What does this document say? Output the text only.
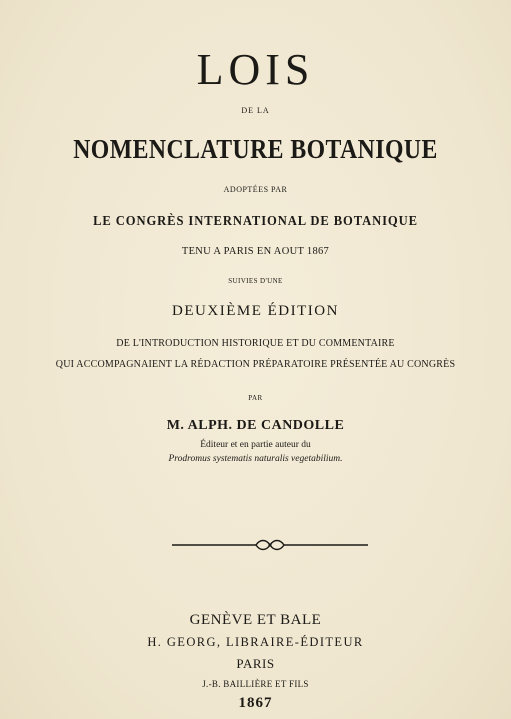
LOIS
DE LA
NOMENCLATURE BOTANIQUE
ADOPTÉES PAR
LE CONGRÈS INTERNATIONAL DE BOTANIQUE
TENU A PARIS EN AOUT 1867
SUIVIES D'UNE
DEUXIÈME ÉDITION
DE L'INTRODUCTION HISTORIQUE ET DU COMMENTAIRE
QUI ACCOMPAGNAIENT LA RÉDACTION PRÉPARATOIRE PRÉSENTÉE AU CONGRÈS
PAR
M. ALPH. DE CANDOLLE
Éditeur et en partie auteur du
Prodromus systematis naturalis vegetabilium.
GENÈVE ET BALE
H. GEORG, LIBRAIRE-ÉDITEUR
PARIS
J.-B. BAILLIÈRE ET FILS
1867
